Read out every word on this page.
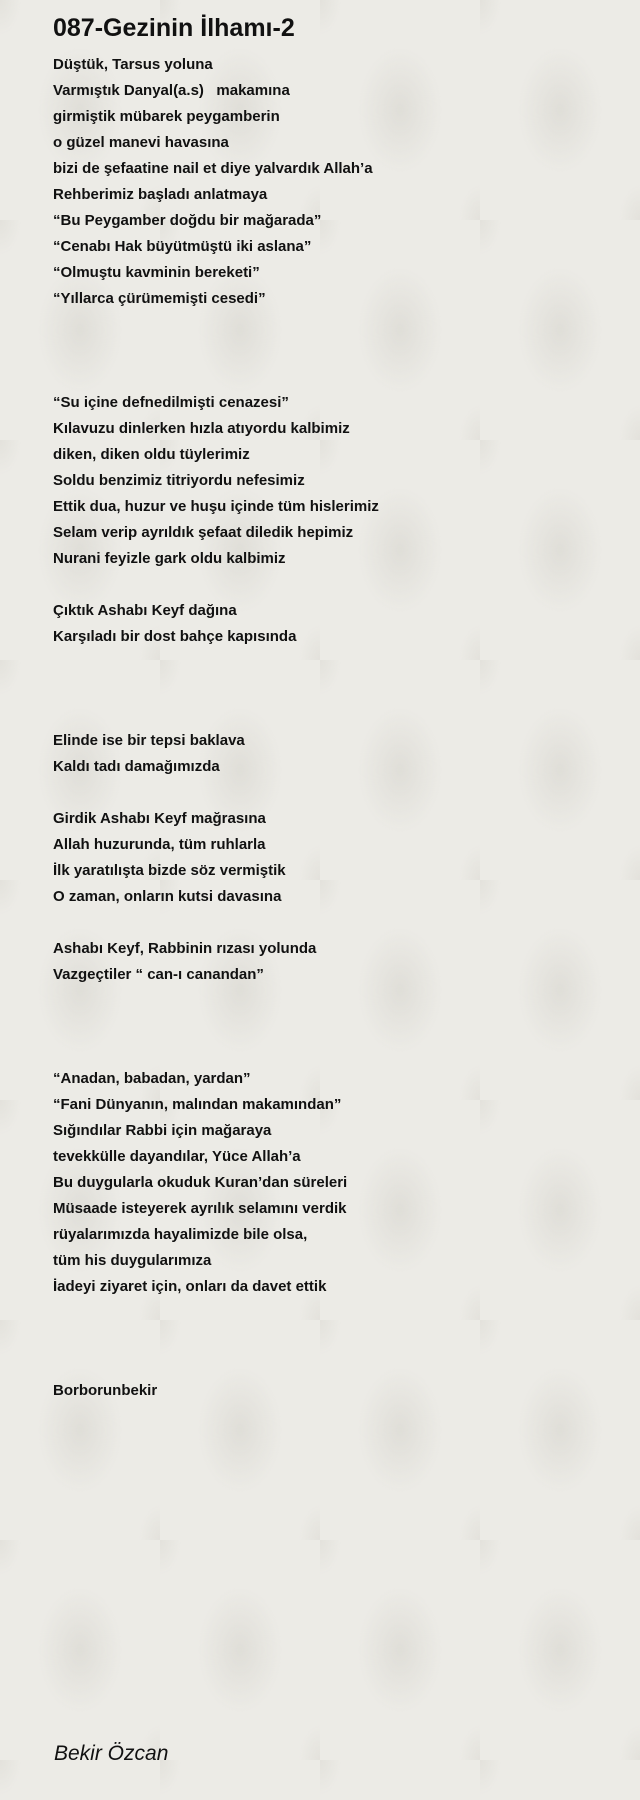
087-Gezinin İlhamı-2
Düştük, Tarsus yoluna
Varmıştık Danyal(a.s)   makamına
girmiştik mübarek peygamberin
o güzel manevi havasına
bizi de şefaatine nail et diye yalvardık Allah’a
Rehberimiz başladı anlatmaya
“Bu Peygamber doğdu bir mağarada”
“Cenabı Hak büyütmüştü iki aslana”
“Olmuştu kavminin bereketi”
“Yıllarca çürümemişti cesedi”
“Su içine defnedilmişti cenazesi”
Kılavuzu dinlerken hızla atıyordu kalbimiz
diken, diken oldu tüylerimiz
Soldu benzimiz titriyordu nefesimiz
Ettik dua, huzur ve huşu içinde tüm hislerimiz
Selam verip ayrıldık şefaat diledik hepimiz
Nurani feyizle gark oldu kalbimiz
Çıktık Ashabı Keyf dağına
Karşıladı bir dost bahçe kapısında
Elinde ise bir tepsi baklava
Kaldı tadı damağımızda
Girdik Ashabı Keyf mağrasına
Allah huzurunda, tüm ruhlarla
İlk yaratılışta bizde söz vermiştik
O zaman, onların kutsi davasına
Ashabı Keyf, Rabbinin rızası yolunda
Vazgeçtiler “ can-ı canandan”
“Anadan, babadan, yardan”
“Fani Dünyanın, malından makamından”
Sığındılar Rabbi için mağaraya
tevekkülle dayandılar, Yüce Allah’a
Bu duygularla okuduk Kuran’dan süreleri
Müsaade isteyerek ayrılık selamını verdik
rüyalarımızda hayalimizde bile olsa,
tüm his duygularımıza
İadeyi ziyaret için, onları da davet ettik
Borborunbekir
Bekir Özcan
